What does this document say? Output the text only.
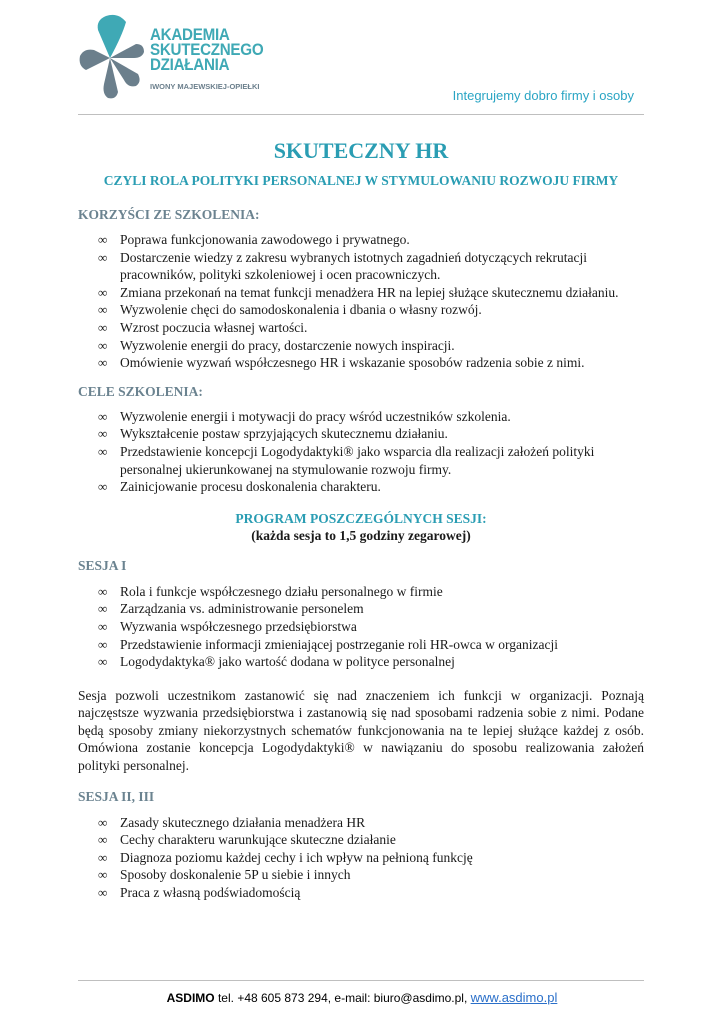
AKADEMIA
SKUTECZNEGO
DZIAŁANIA
IWONY MAJEWSKIEJ-OPIEŁKI
Integrujemy dobro firmy i osoby
SKUTECZNY HR
CZYLI ROLA POLITYKI PERSONALNEJ W STYMULOWANIU ROZWOJU FIRMY
KORZYŚCI ZE SZKOLENIA:
∞ Poprawa funkcjonowania zawodowego i prywatnego.
∞ Dostarczenie wiedzy z zakresu wybranych istotnych zagadnień dotyczących rekrutacji pracowników, polityki szkoleniowej i ocen pracowniczych.
∞ Zmiana przekonań na temat funkcji menadżera HR na lepiej służące skutecznemu działaniu.
∞ Wyzwolenie chęci do samodoskonalenia i dbania o własny rozwój.
∞ Wzrost poczucia własnej wartości.
∞ Wyzwolenie energii do pracy, dostarczenie nowych inspiracji.
∞ Omówienie wyzwań współczesnego HR i wskazanie sposobów radzenia sobie z nimi.
CELE SZKOLENIA:
∞ Wyzwolenie energii i motywacji do pracy wśród uczestników szkolenia.
∞ Wykształcenie postaw sprzyjających skutecznemu działaniu.
∞ Przedstawienie koncepcji Logodydaktyki® jako wsparcia dla realizacji założeń polityki personalnej ukierunkowanej na stymulowanie rozwoju firmy.
∞ Zainicjowanie procesu doskonalenia charakteru.

PROGRAM POSZCZEGÓLNYCH SESJI:

(każda sesja to 1,5 godziny zegarowej)

SESJA I
∞ Rola i funkcje współczesnego działu personalnego w firmie
∞ Zarządzania vs. administrowanie personelem
∞ Wyzwania współczesnego przedsiębiorstwa
∞ Przedstawienie informacji zmieniającej postrzeganie roli HR-owca w organizacji
∞ Logodydaktyka® jako wartość dodana w polityce personalnej

Sesja pozwoli uczestnikom zastanowić się nad znaczeniem ich funkcji w organizacji. Poznają najczęstsze wyzwania przedsiębiorstwa i zastanowią się nad sposobami radzenia sobie z nimi. Podane będą sposoby zmiany niekorzystnych schematów funkcjonowania na te lepiej służące każdej z osób. Omówiona zostanie koncepcja Logodydaktyki® w nawiązaniu do sposobu realizowania założeń polityki personalnej.

SESJA II, III
∞ Zasady skutecznego działania menadżera HR
∞ Cechy charakteru warunkujące skuteczne działanie
∞ Diagnoza poziomu każdej cechy i ich wpływ na pełnioną funkcję
∞ Sposoby doskonalenie 5P u siebie i innych
∞ Praca z własną podświadomością
ASDIMO tel. +48 605 873 294, e-mail: biuro@asdimo.pl, www.asdimo.pl
